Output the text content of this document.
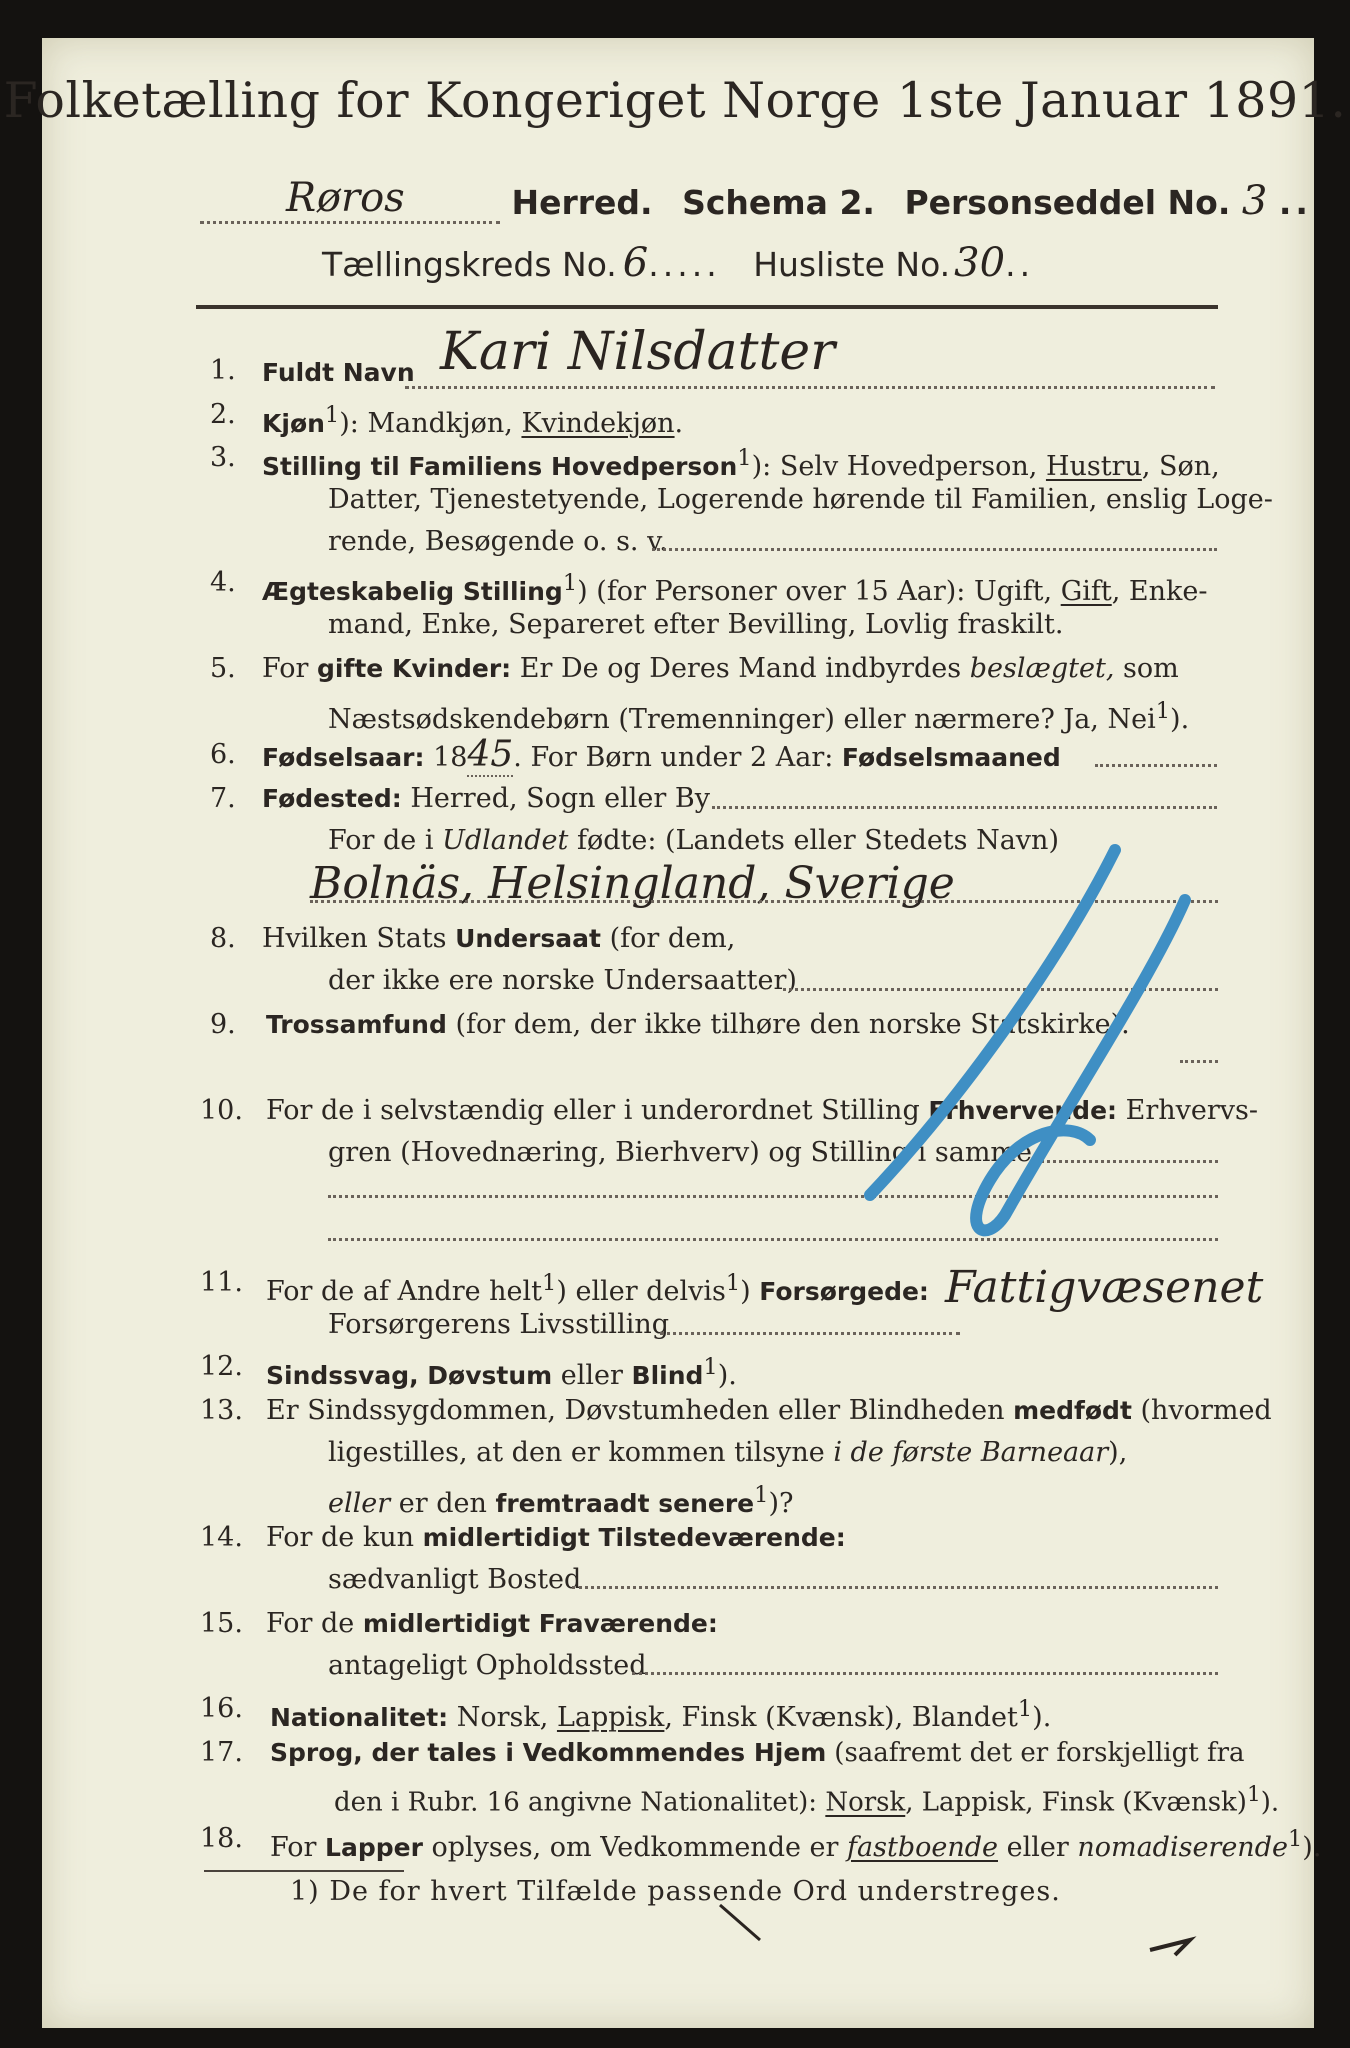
Folketælling for Kongeriget Norge 1ste Januar 1891.
Røros	Herred. Schema 2. Personseddel No. 3 ..
Tællingskreds No. 6..... Husliste No. 30..
1. Fuldt Navn Kari Nilsdatter
2. Kjøn$^1$): Mandkjøn, Kvindekjøn.
3. Stilling til Familiens Hovedperson$^1$): Selv Hovedperson, Hustru, Søn,
Datter, Tjenestetyende, Logerende hørende til Familien, enslig Loge-
rende, Besøgende o. s. v.
4. Ægteskabelig Stilling$^1$) (for Personer over 15 Aar): Ugift, Gift, Enke-
mand, Enke, Separeret efter Bevilling, Lovlig fraskilt.
5. For gifte Kvinder: Er De og Deres Mand indbyrdes beslægtet, som
Næstsødskendebørn (Tremenninger) eller nærmere? Ja, Nei$^1$).
6. Fødselsaar: 1845. For Børn under 2 Aar: Fødselsmaaned
7. Fødested: Herred, Sogn eller By
For de i Udlandet fødte: (Landets eller Stedets Navn)
Bolnäs, Helsingland, Sverige
8. Hvilken Stats Undersaat (for dem,
der ikke ere norske Undersaatter)
9. Trossamfund (for dem, der ikke tilhøre den norske Statskirke).
10. For de i selvstændig eller i underordnet Stilling Erhvervende: Erhvervs-
gren (Hovednæring, Bierhverv) og Stilling i samme
11. For de af Andre helt$^1$) eller delvis$^1$) Forsørgede:
Forsørgerens Livsstilling
Fattigvæsenet
12. Sindssvag, Døvstum eller Blind$^1$).
13. Er Sindssygdommen, Døvstumheden eller Blindheden medfødt (hvormed
ligestilles, at den er kommen tilsyne i de første Barneaar),
eller er den fremtraadt senere$^1$)?
14. For de kun midlertidigt Tilstedeværende:
sædvanligt Bosted
15. For de midlertidigt Fraværende:
antageligt Opholdssted
16. Nationalitet: Norsk, Lappisk, Finsk (Kvænsk), Blandet$^1$).
17. Sprog, der tales i Vedkommendes Hjem (saafremt det er forskjelligt fra
den i Rubr. 16 angivne Nationalitet): Norsk, Lappisk, Finsk (Kvænsk)$^1$).
18. For Lapper oplyses, om Vedkommende er fastboende eller nomadiserende$^1$).
1) De for hvert Tilfælde passende Ord understreges.
